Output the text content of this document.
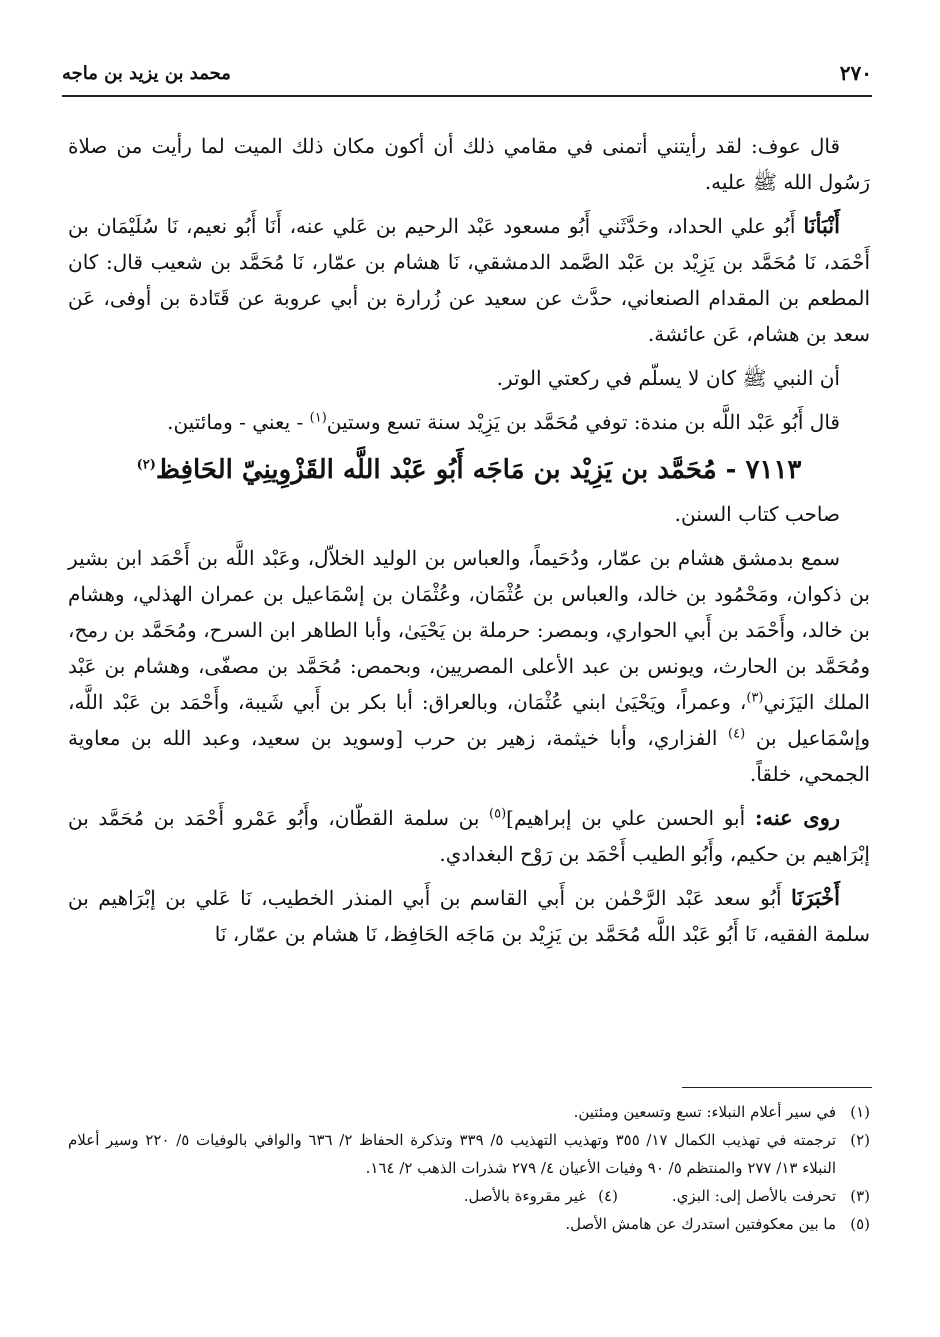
٢٧٠
محمد بن يزيد بن ماجه

قال عوف: لقد رأيتني أتمنى في مقامي ذلك أن أكون مكان ذلك الميت لما رأيت من صلاة رَسُول الله ﷺ عليه.

أَنْبَأنَا أَبُو علي الحداد، وحَدَّثَني أَبُو مسعود عَبْد الرحيم بن عَلي عنه، أَنَا أَبُو نعيم، نَا سُلَيْمَان بن أَحْمَد، نَا مُحَمَّد بن يَزِيْد بن عَبْد الصَّمد الدمشقي، نَا هشام بن عمّار، نَا مُحَمَّد بن شعيب قال: كان المطعم بن المقدام الصنعاني، حدَّث عن سعيد عن زُرارة بن أبي عروبة عن قَتَادة بن أوفى، عَن سعد بن هشام، عَن عائشة.

أن النبي ﷺ كان لا يسلّم في ركعتي الوتر.

قال أَبُو عَبْد اللَّه بن مندة: توفي مُحَمَّد بن يَزِيْد سنة تسع وستين$^{(١)}$ - يعني - ومائتين.

٧١١٣ - مُحَمَّد بن يَزِيْد بن مَاجَه أَبُو عَبْد اللَّه القَزْوِينِيّ الحَافِظ$^{(٢)}$

صاحب كتاب السنن.

سمع بدمشق هشام بن عمّار، ودُحَيماً، والعباس بن الوليد الخلاّل، وعَبْد اللَّه بن أَحْمَد ابن بشير بن ذكوان، ومَحْمُود بن خالد، والعباس بن عُثْمَان، وعُثْمَان بن إسْمَاعيل بن عمران الهذلي، وهشام بن خالد، وأَحْمَد بن أَبي الحواري، وبمصر: حرملة بن يَحْيَىٰ، وأبا الطاهر ابن السرح، ومُحَمَّد بن رمح، ومُحَمَّد بن الحارث، ويونس بن عبد الأعلى المصريين، وبحمص: مُحَمَّد بن مصفّى، وهشام بن عَبْد الملك اليَزَني$^{(٣)}$، وعمراً، ويَحْيَىٰ ابني عُثْمَان، وبالعراق: أبا بكر بن أَبي شَيبة، وأَحْمَد بن عَبْد اللَّه، وإسْمَاعيل بن $^{(٤)}$ الفزاري، وأبا خيثمة، زهير بن حرب [وسويد بن سعيد، وعبد الله بن معاوية الجمحي، خلقاً.

روى عنه: أبو الحسن علي بن إبراهيم]$^{(٥)}$ بن سلمة القطّان، وأَبُو عَمْرو أَحْمَد بن مُحَمَّد بن إبْرَاهيم بن حكيم، وأَبُو الطيب أَحْمَد بن رَوْح البغدادي.

أَخْبَرَنَا أَبُو سعد عَبْد الرَّحْمٰن بن أَبي القاسم بن أَبي المنذر الخطيب، نَا عَلي بن إبْرَاهيم بن سلمة الفقيه، نَا أَبُو عَبْد اللَّه مُحَمَّد بن يَزِيْد بن مَاجَه الحَافِظ، نَا هشام بن عمّار، نَا

(١)
في سير أعلام النبلاء: تسع وتسعين ومئتين.
(٢)
ترجمته في تهذيب الكمال ١٧/ ٣٥٥ وتهذيب التهذيب ٥/ ٣٣٩ وتذكرة الحفاظ ٢/ ٦٣٦ والوافي بالوفيات ٥/ ٢٢٠ وسير أعلام النبلاء ١٣/ ٢٧٧ والمنتظم ٥/ ٩٠ وفيات الأعيان ٤/ ٢٧٩ شذرات الذهب ٢/ ١٦٤.
(٣)
تحرفت بالأصل إلى: البزي.
(٤)
غير مقروءة بالأصل.
(٥)
ما بين معكوفتين استدرك عن هامش الأصل.
